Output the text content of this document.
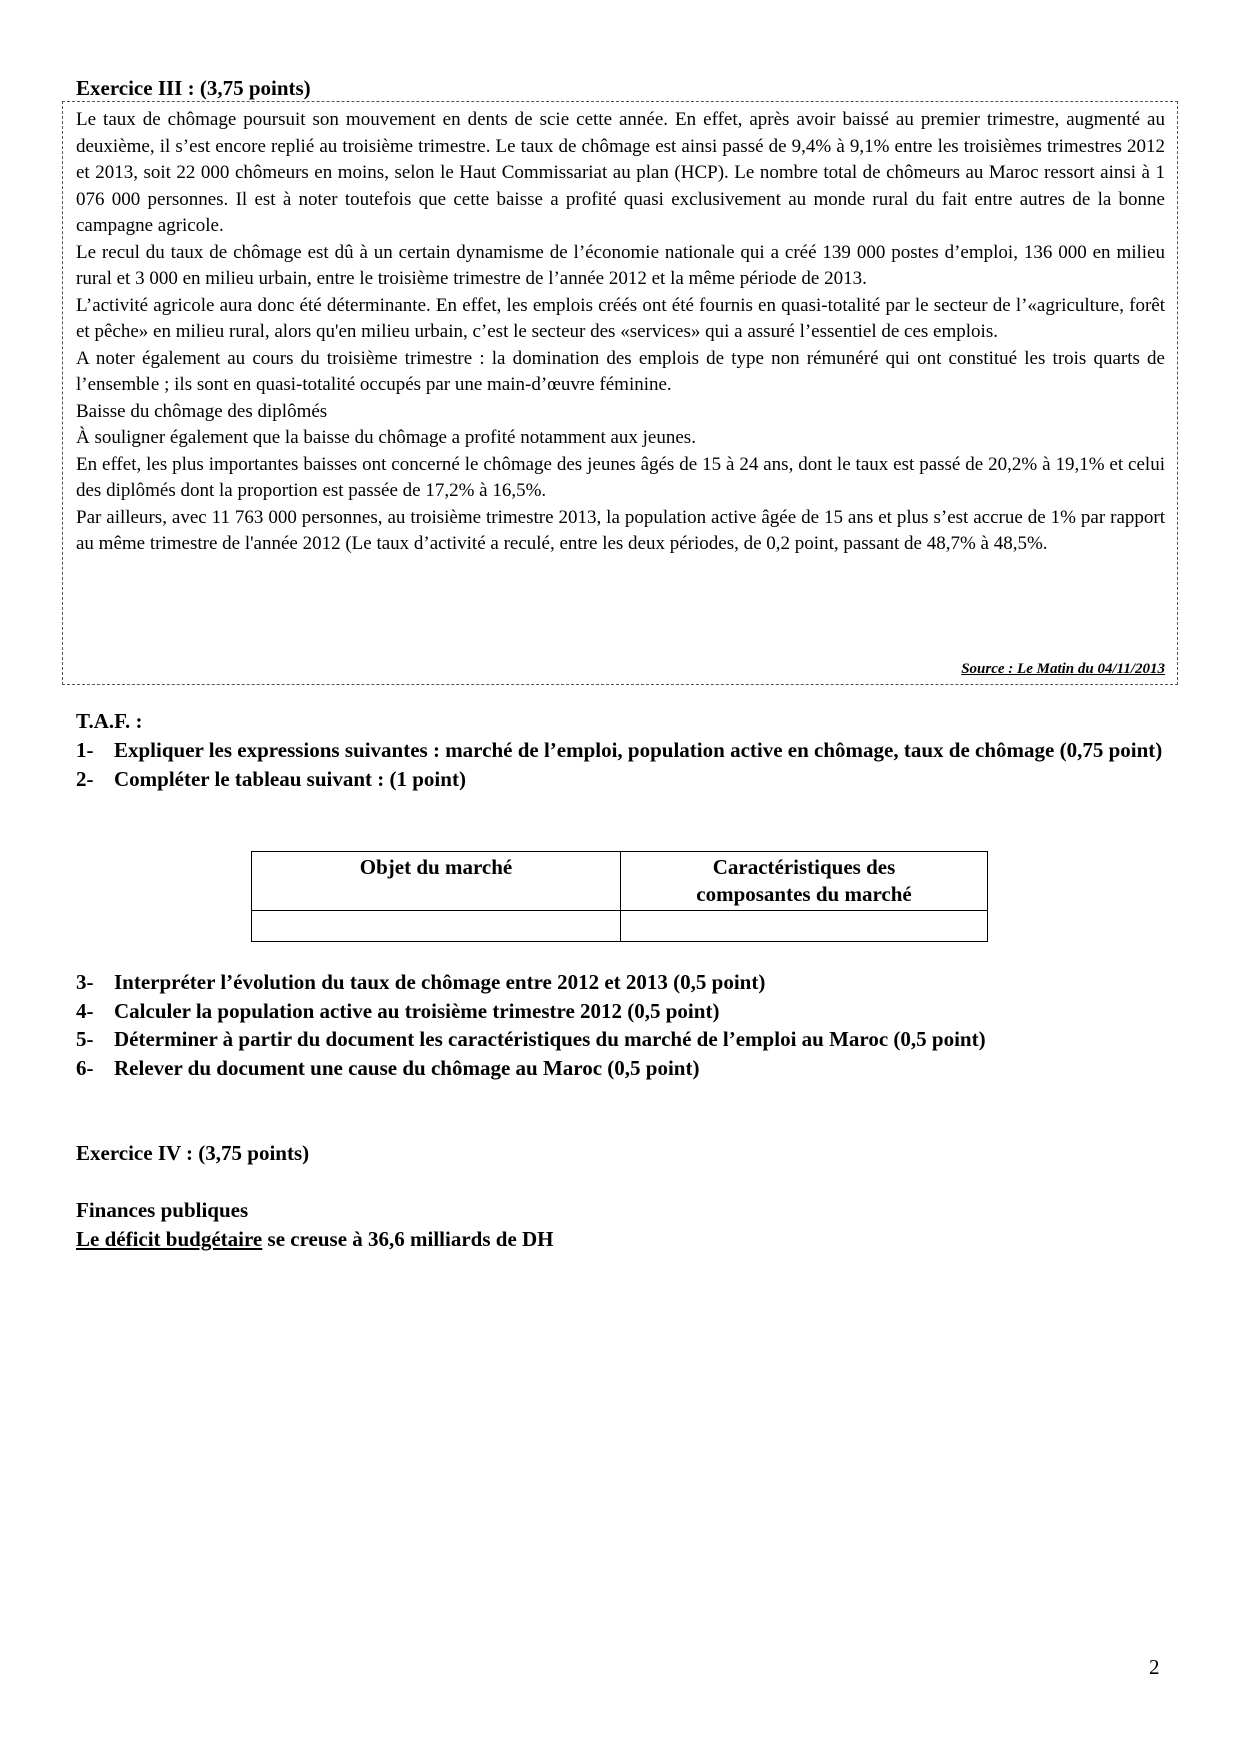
Exercice III : (3,75 points)

Le taux de chômage poursuit son mouvement en dents de scie cette année. En effet, après avoir baissé au premier trimestre, augmenté au deuxième, il s’est encore replié au troisième trimestre. Le taux de chômage est ainsi passé de 9,4% à 9,1% entre les troisièmes trimestres 2012 et 2013, soit 22 000 chômeurs en moins, selon le Haut Commissariat au plan (HCP). Le nombre total de chômeurs au Maroc ressort ainsi à 1 076 000 personnes. Il est à noter toutefois que cette baisse a profité quasi exclusivement au monde rural du fait entre autres de la bonne campagne agricole.

Le recul du taux de chômage est dû à un certain dynamisme de l’économie nationale qui a créé 139 000 postes d’emploi, 136 000 en milieu rural et 3 000 en milieu urbain, entre le troisième trimestre de l’année 2012 et la même période de 2013.

L’activité agricole aura donc été déterminante. En effet, les emplois créés ont été fournis en quasi-totalité par le secteur de l’«agriculture, forêt et pêche» en milieu rural, alors qu'en milieu urbain, c’est le secteur des «services» qui a assuré l’essentiel de ces emplois.

A noter également au cours du troisième trimestre : la domination des emplois de type non rémunéré qui ont constitué les trois quarts de l’ensemble ; ils sont en quasi-totalité occupés par une main-d’œuvre féminine.

Baisse du chômage des diplômés

À souligner également que la baisse du chômage a profité notamment aux jeunes.

En effet, les plus importantes baisses ont concerné le chômage des jeunes âgés de 15 à 24 ans, dont le taux est passé de 20,2% à 19,1% et celui des diplômés dont la proportion est passée de 17,2% à 16,5%.

Par ailleurs, avec 11 763 000 personnes, au troisième trimestre 2013, la population active âgée de 15 ans et plus s’est accrue de 1% par rapport au même trimestre de l'année 2012 (Le taux d’activité a reculé, entre les deux périodes, de 0,2 point, passant de 48,7% à 48,5%.

Source : Le Matin du 04/11/2013
T.A.F. :
1- Expliquer les expressions suivantes : marché de l’emploi, population active en chômage, taux de chômage (0,75 point)
2- Compléter le tableau suivant : (1 point)
Objet du marché	Caractéristiques des composantes du marché

3- Interpréter l’évolution du taux de chômage entre 2012 et 2013 (0,5 point)
4- Calculer la population active au troisième trimestre 2012 (0,5 point)
5- Déterminer à partir du document les caractéristiques du marché de l’emploi au Maroc (0,5 point)
6- Relever du document une cause du chômage au Maroc (0,5 point)
Exercice IV : (3,75 points)
Finances publiques
Le déficit budgétaire se creuse à 36,6 milliards de DH
2
